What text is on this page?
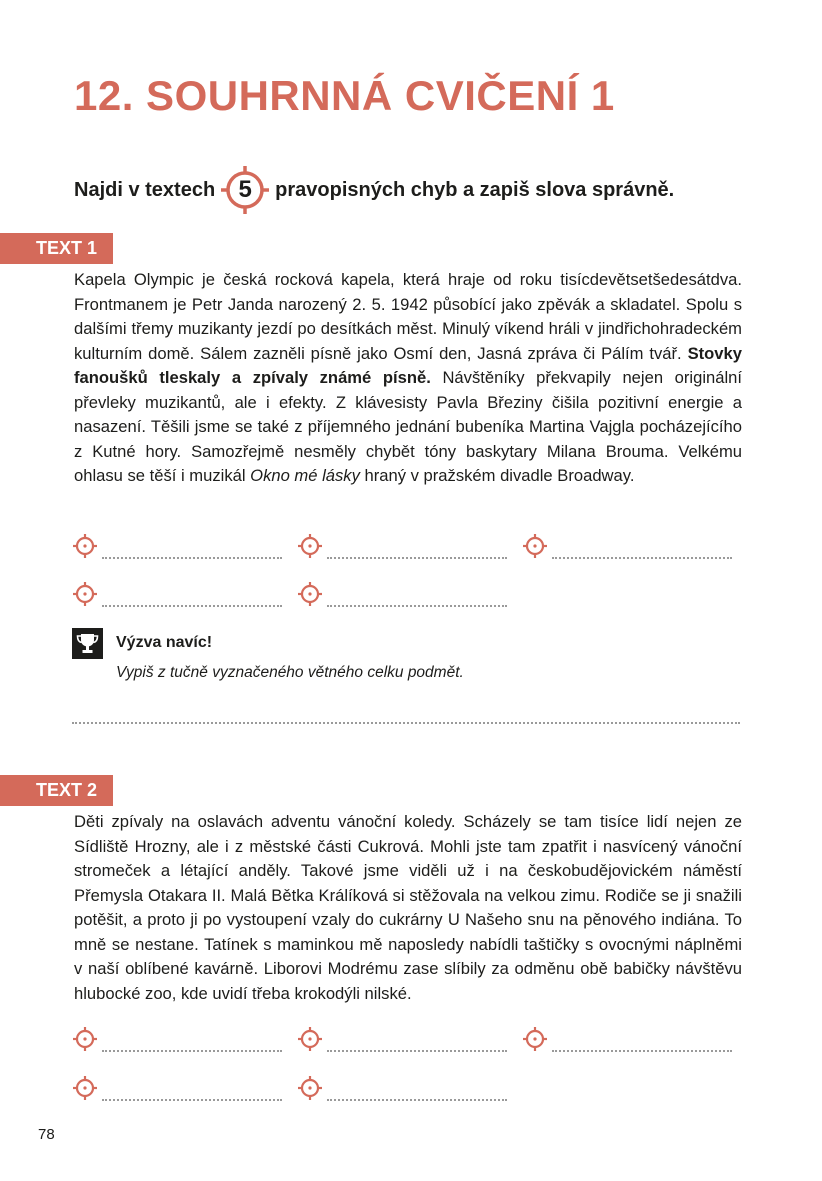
12. SOUHRNNÁ CVIČENÍ 1
Najdi v textech 5	pravopisných chyb a zapiš slova správně.
TEXT 1

Kapela Olympic je česká rocková kapela, která hraje od roku tisícdevětsetšedesátdva. Frontmanem je Petr Janda narozený 2. 5. 1942 působící jako zpěvák a skladatel. Spolu s dalšími třemy muzikanty jezdí po desítkách měst. Minulý víkend hráli v jindřichohradeckém kulturním domě. Sálem zazněli písně jako Osmí den, Jasná zpráva či Pálím tvář. Stovky fanoušků tleskaly a zpívaly známé písně. Návštěníky překvapily nejen originální převleky muzikantů, ale i efekty. Z klávesisty Pavla Březiny čišila pozitivní energie a nasazení. Těšili jsme se také z příjemného jednání bubeníka Martina Vajgla pocházejícího z Kutné hory. Samozřejmě nesměly chybět tóny baskytary Milana Brouma. Velkému ohlasu se těší i muzikál Okno mé lásky hraný v pražském divadle Broadway.

Výzva navíc!
Vypiš z tučně vyznačeného větného celku podmět.
TEXT 2

Děti zpívaly na oslavách adventu vánoční koledy. Scházely se tam tisíce lidí nejen ze Sídliště Hrozny, ale i z městské části Cukrová. Mohli jste tam zpatřit i nasvícený vánoční stromeček a létající anděly. Takové jsme viděli už i na českobudějovickém náměstí Přemysla Otakara II. Malá Bětka Králíková si stěžovala na velkou zimu. Rodiče se ji snažili potěšit, a proto ji po vystoupení vzaly do cukrárny U Našeho snu na pěnového indiána. To mně se nestane. Tatínek s maminkou mě naposledy nabídli taštičky s ovocnými náplněmi v naší oblíbené kavárně. Liborovi Modrému zase slíbily za odměnu obě babičky návštěvu hlubocké zoo, kde uvidí třeba krokodýli nilské.

78
